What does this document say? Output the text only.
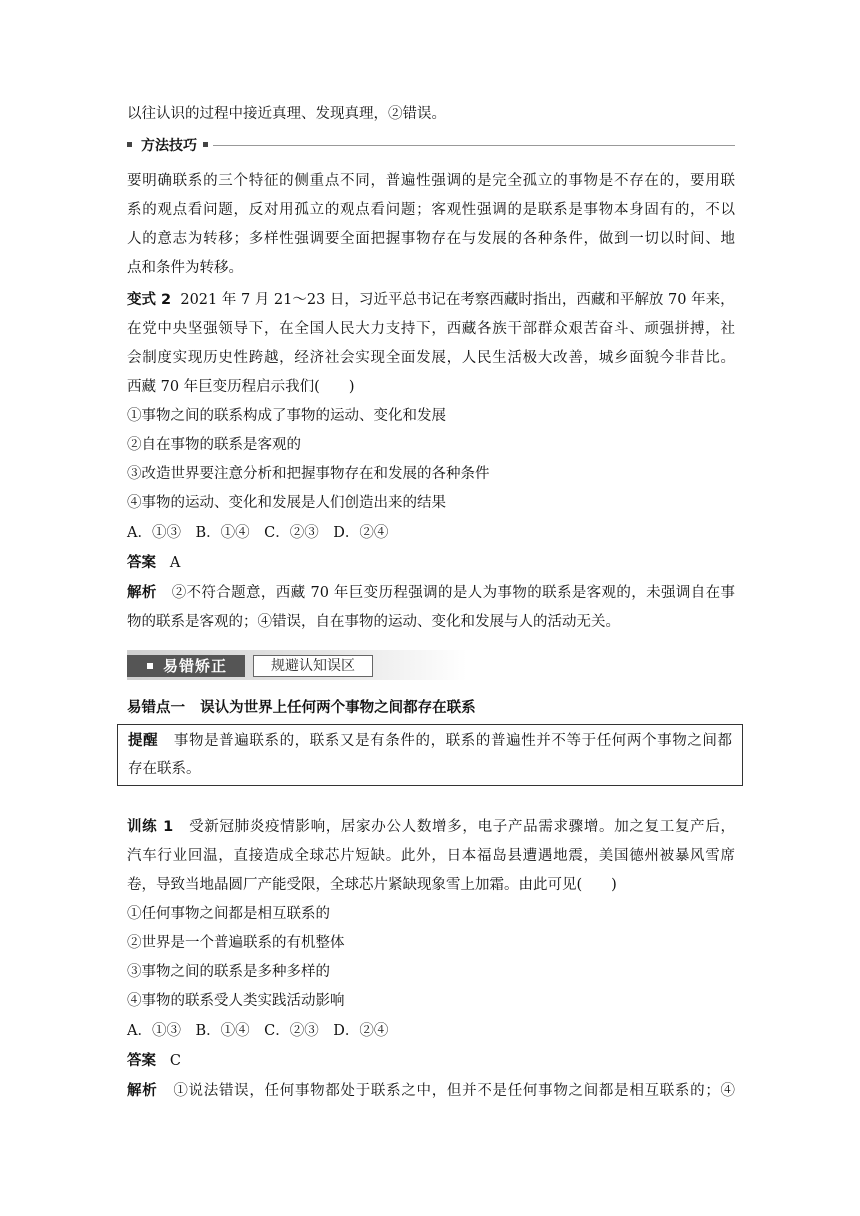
以往认识的过程中接近真理、发现真理，②错误。
方法技巧
要明确联系的三个特征的侧重点不同，普遍性强调的是完全孤立的事物是不存在的，要用联
系的观点看问题，反对用孤立的观点看问题；客观性强调的是联系是事物本身固有的，不以
人的意志为转移；多样性强调要全面把握事物存在与发展的各种条件，做到一切以时间、地
点和条件为转移。
变式 2 2021 年 7 月 21～23 日，习近平总书记在考察西藏时指出，西藏和平解放 70 年来，
在党中央坚强领导下，在全国人民大力支持下，西藏各族干部群众艰苦奋斗、顽强拼搏，社
会制度实现历史性跨越，经济社会实现全面发展，人民生活极大改善，城乡面貌今非昔比。
西藏 70 年巨变历程启示我们(　　)
①事物之间的联系构成了事物的运动、变化和发展
②自在事物的联系是客观的
③改造世界要注意分析和把握事物存在和发展的各种条件
④事物的运动、变化和发展是人们创造出来的结果
A．①③　B．①④　C．②③　D．②④
答案 A
解析 ②不符合题意，西藏 70 年巨变历程强调的是人为事物的联系是客观的，未强调自在事
物的联系是客观的；④错误，自在事物的运动、变化和发展与人的活动无关。
易错矫正	规避认知误区
易错点一 误认为世界上任何两个事物之间都存在联系
提醒 事物是普遍联系的，联系又是有条件的，联系的普遍性并不等于任何两个事物之间都
存在联系。
训练 1 受新冠肺炎疫情影响，居家办公人数增多，电子产品需求骤增。加之复工复产后，
汽车行业回温，直接造成全球芯片短缺。此外，日本福岛县遭遇地震，美国德州被暴风雪席
卷，导致当地晶圆厂产能受限，全球芯片紧缺现象雪上加霜。由此可见(　　)
①任何事物之间都是相互联系的
②世界是一个普遍联系的有机整体
③事物之间的联系是多种多样的
④事物的联系受人类实践活动影响
A．①③　B．①④　C．②③　D．②④
答案 C
解析 ①说法错误，任何事物都处于联系之中，但并不是任何事物之间都是相互联系的；④
